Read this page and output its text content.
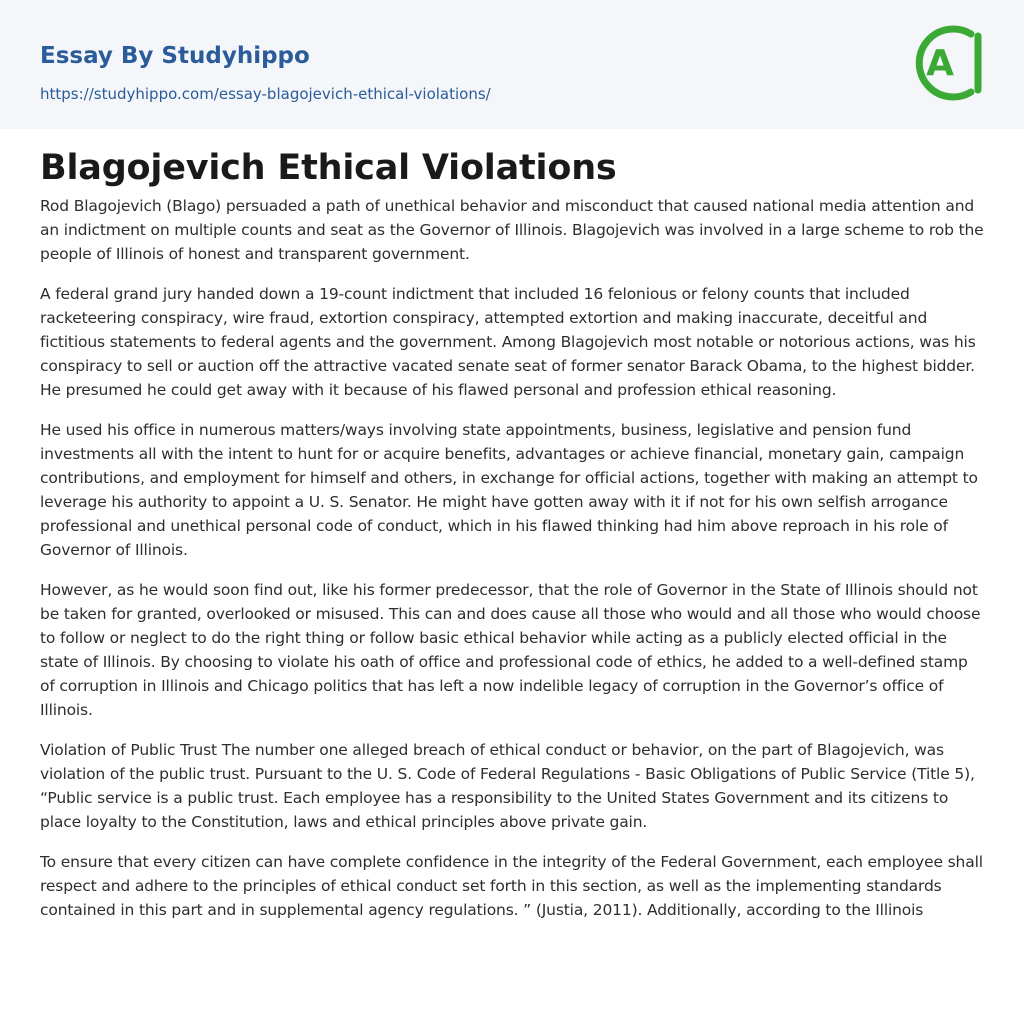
Essay By Studyhippo
https://studyhippo.com/essay-blagojevich-ethical-violations/
A
Blagojevich Ethical Violations

Rod Blagojevich (Blago) persuaded a path of unethical behavior and misconduct that caused national media attention and an indictment on multiple counts and seat as the Governor of Illinois. Blagojevich was involved in a large scheme to rob the people of Illinois of honest and transparent government.

A federal grand jury handed down a 19-count indictment that included 16 felonious or felony counts that included racketeering conspiracy, wire fraud, extortion conspiracy, attempted extortion and making inaccurate, deceitful and fictitious statements to federal agents and the government. Among Blagojevich most notable or notorious actions, was his conspiracy to sell or auction off the attractive vacated senate seat of former senator Barack Obama, to the highest bidder. He presumed he could get away with it because of his flawed personal and profession ethical reasoning.

He used his office in numerous matters/ways involving state appointments, business, legislative and pension fund investments all with the intent to hunt for or acquire benefits, advantages or achieve financial, monetary gain, campaign contributions, and employment for himself and others, in exchange for official actions, together with making an attempt to leverage his authority to appoint a U. S. Senator. He might have gotten away with it if not for his own selfish arrogance professional and unethical personal code of conduct, which in his flawed thinking had him above reproach in his role of Governor of Illinois.

However, as he would soon find out, like his former predecessor, that the role of Governor in the State of Illinois should not be taken for granted, overlooked or misused. This can and does cause all those who would and all those who would choose to follow or neglect to do the right thing or follow basic ethical behavior while acting as a publicly elected official in the state of Illinois. By choosing to violate his oath of office and professional code of ethics, he added to a well-defined stamp of corruption in Illinois and Chicago politics that has left a now indelible legacy of corruption in the Governor’s office of Illinois.

Violation of Public Trust The number one alleged breach of ethical conduct or behavior, on the part of Blagojevich, was violation of the public trust. Pursuant to the U. S. Code of Federal Regulations - Basic Obligations of Public Service (Title 5), “Public service is a public trust. Each employee has a responsibility to the United States Government and its citizens to place loyalty to the Constitution, laws and ethical principles above private gain.

To ensure that every citizen can have complete confidence in the integrity of the Federal Government, each employee shall respect and adhere to the principles of ethical conduct set forth in this section, as well as the implementing standards contained in this part and in supplemental agency regulations. ” (Justia, 2011). Additionally, according to the Illinois
